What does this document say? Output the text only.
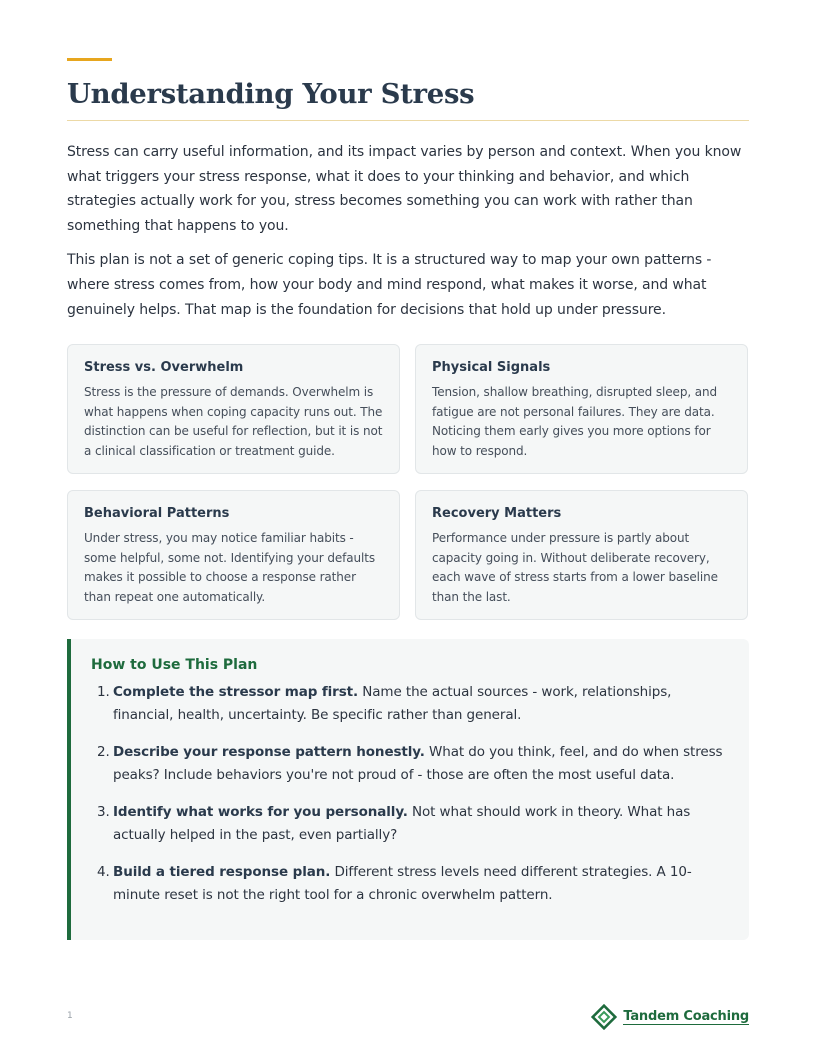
Understanding Your Stress

Stress can carry useful information, and its impact varies by person and context. When you know what triggers your stress response, what it does to your thinking and behavior, and which strategies actually work for you, stress becomes something you can work with rather than something that happens to you.

This plan is not a set of generic coping tips. It is a structured way to map your own patterns - where stress comes from, how your body and mind respond, what makes it worse, and what genuinely helps. That map is the foundation for decisions that hold up under pressure.

Stress vs. Overwhelm

Stress is the pressure of demands. Overwhelm is what happens when coping capacity runs out. The distinction can be useful for reflection, but it is not a clinical classification or treatment guide.

Physical Signals

Tension, shallow breathing, disrupted sleep, and fatigue are not personal failures. They are data. Noticing them early gives you more options for how to respond.

Behavioral Patterns

Under stress, you may notice familiar habits - some helpful, some not. Identifying your defaults makes it possible to choose a response rather than repeat one automatically.

Recovery Matters

Performance under pressure is partly about capacity going in. Without deliberate recovery, each wave of stress starts from a lower baseline than the last.

How to Use This Plan
1. Complete the stressor map first. Name the actual sources - work, relationships, financial, health, uncertainty. Be specific rather than general.
2. Describe your response pattern honestly. What do you think, feel, and do when stress peaks? Include behaviors you're not proud of - those are often the most useful data.
3. Identify what works for you personally. Not what should work in theory. What has actually helped in the past, even partially?
4. Build a tiered response plan. Different stress levels need different strategies. A 10-minute reset is not the right tool for a chronic overwhelm pattern.
1	Tandem Coaching
